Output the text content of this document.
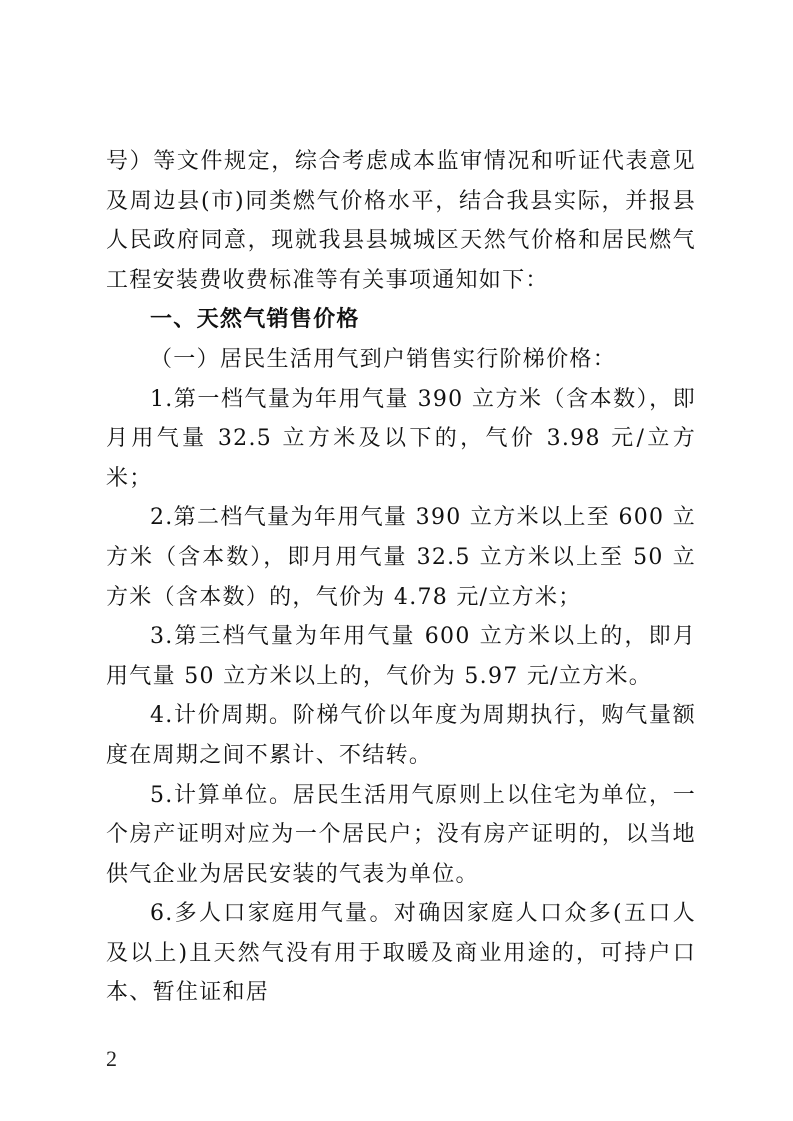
号）等文件规定，综合考虑成本监审情况和听证代表意见及周边县(市)同类燃气价格水平，结合我县实际，并报县人民政府同意，现就我县县城城区天然气价格和居民燃气工程安装费收费标准等有关事项通知如下：

一、天然气销售价格

（一）居民生活用气到户销售实行阶梯价格：

1.第一档气量为年用气量 390 立方米（含本数），即月用气量 32.5 立方米及以下的，气价 3.98 元/立方米；

2.第二档气量为年用气量 390 立方米以上至 600 立方米（含本数），即月用气量 32.5 立方米以上至 50 立方米（含本数）的，气价为 4.78 元/立方米；

3.第三档气量为年用气量 600 立方米以上的，即月用气量 50 立方米以上的，气价为 5.97 元/立方米。

4.计价周期。阶梯气价以年度为周期执行，购气量额度在周期之间不累计、不结转。

5.计算单位。居民生活用气原则上以住宅为单位，一个房产证明对应为一个居民户；没有房产证明的，以当地供气企业为居民安装的气表为单位。

6.多人口家庭用气量。对确因家庭人口众多(五口人及以上)且天然气没有用于取暖及商业用途的，可持户口本、暂住证和居

2
